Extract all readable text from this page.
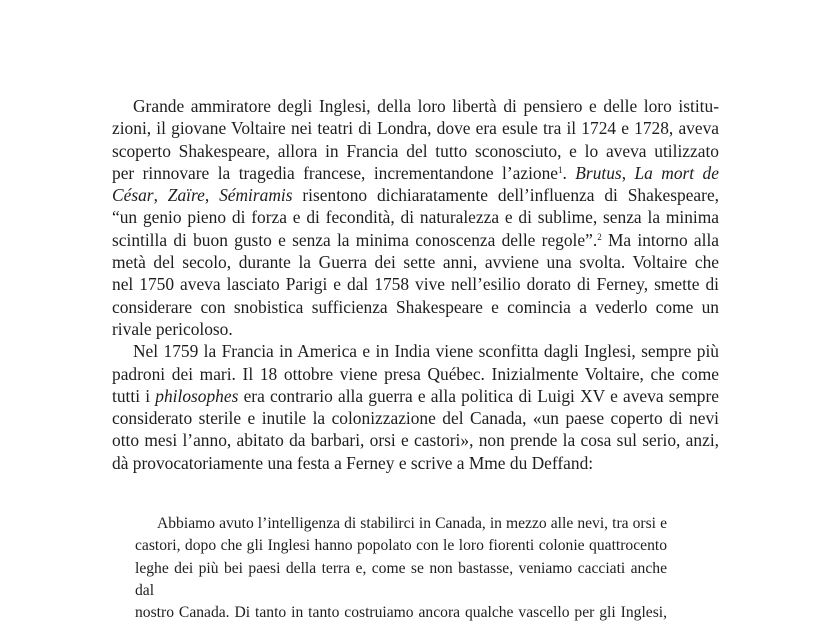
Grande ammiratore degli Inglesi, della loro libertà di pensiero e delle loro istitu-
zioni, il giovane Voltaire nei teatri di Londra, dove era esule tra il 1724 e 1728, aveva
scoperto Shakespeare, allora in Francia del tutto sconosciuto, e lo aveva utilizzato
per rinnovare la tragedia francese, incrementandone l’azione$^1$. Brutus, La mort de
César, Zaïre, Sémiramis risentono dichiaratamente dell’influenza di Shakespeare,
“un genio pieno di forza e di fecondità, di naturalezza e di sublime, senza la minima
scintilla di buon gusto e senza la minima conoscenza delle regole”.$^2$ Ma intorno alla
metà del secolo, durante la Guerra dei sette anni, avviene una svolta. Voltaire che
nel 1750 aveva lasciato Parigi e dal 1758 vive nell’esilio dorato di Ferney, smette di
considerare con snobistica sufficienza Shakespeare e comincia a vederlo come un
rivale pericoloso.
Nel 1759 la Francia in America e in India viene sconfitta dagli Inglesi, sempre più
padroni dei mari. Il 18 ottobre viene presa Québec. Inizialmente Voltaire, che come
tutti i philosophes era contrario alla guerra e alla politica di Luigi XV e aveva sempre
considerato sterile e inutile la colonizzazione del Canada, «un paese coperto di nevi
otto mesi l’anno, abitato da barbari, orsi e castori», non prende la cosa sul serio, anzi,
dà provocatoriamente una festa a Ferney e scrive a Mme du Deffand:
Abbiamo avuto l’intelligenza di stabilirci in Canada, in mezzo alle nevi, tra orsi e
castori, dopo che gli Inglesi hanno popolato con le loro fiorenti colonie quattrocento
leghe dei più bei paesi della terra e, come se non bastasse, veniamo cacciati anche dal
nostro Canada. Di tanto in tanto costruiamo ancora qualche vascello per gli Inglesi,
